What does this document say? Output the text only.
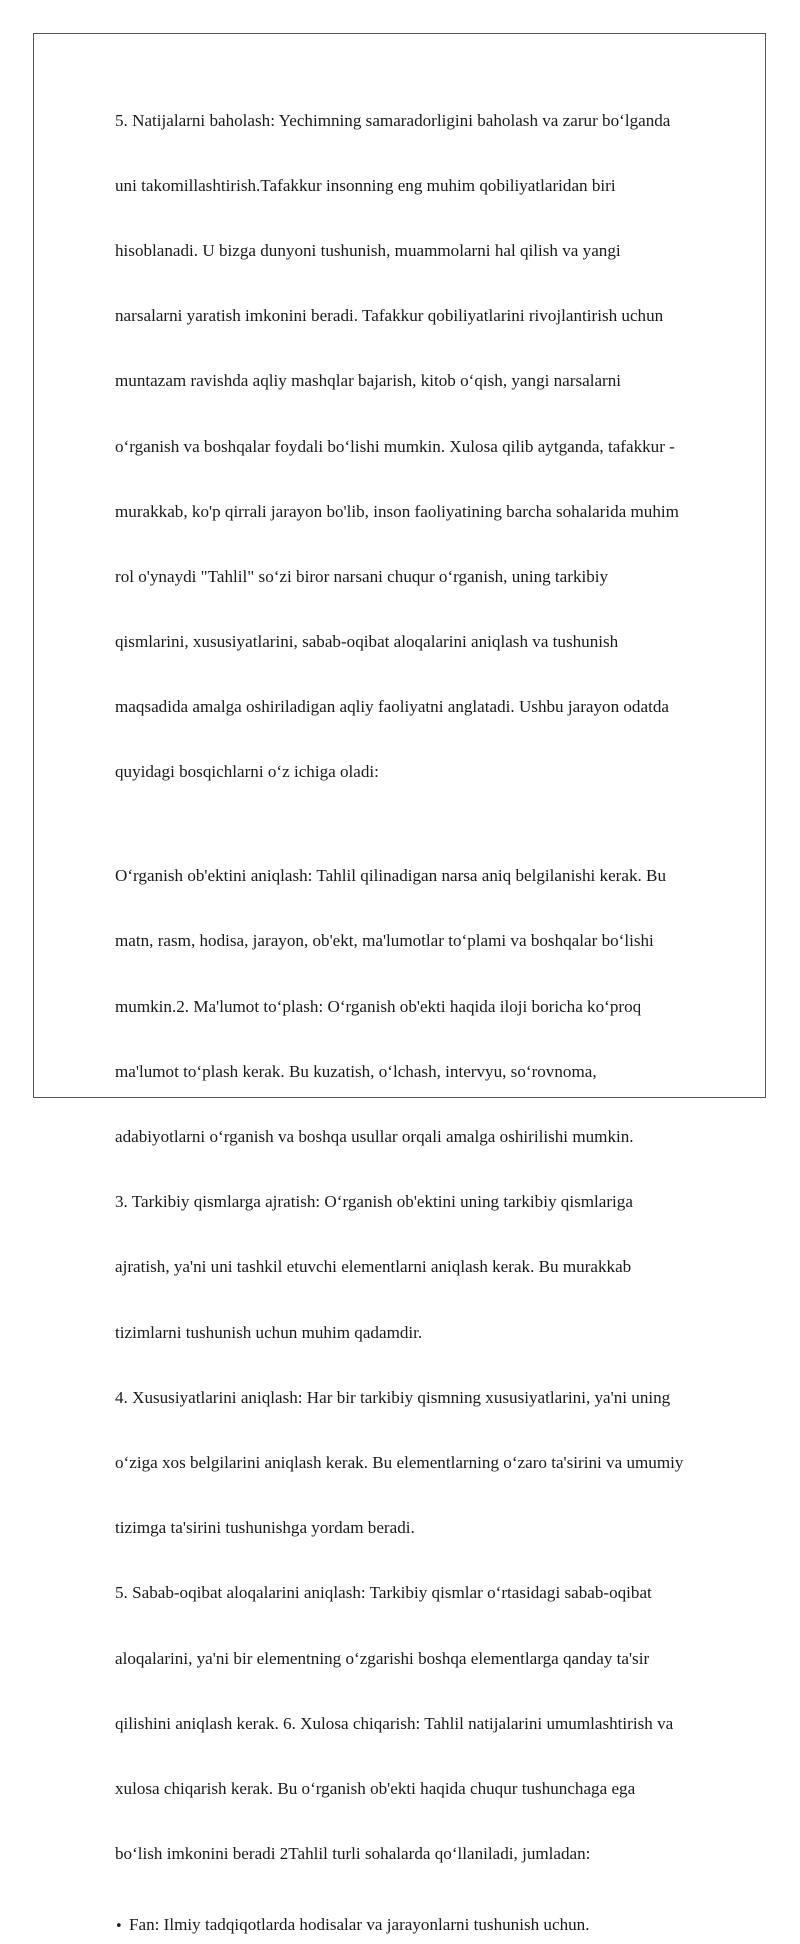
5. Natijalarni baholash: Yechimning samaradorligini baholash va zarur bo‘lganda

uni takomillashtirish.Tafakkur insonning eng muhim qobiliyatlaridan biri

hisoblanadi. U bizga dunyoni tushunish, muammolarni hal qilish va yangi

narsalarni yaratish imkonini beradi. Tafakkur qobiliyatlarini rivojlantirish uchun

muntazam ravishda aqliy mashqlar bajarish, kitob o‘qish, yangi narsalarni

o‘rganish va boshqalar foydali bo‘lishi mumkin. Xulosa qilib aytganda, tafakkur -

murakkab, ko'p qirrali jarayon bo'lib, inson faoliyatining barcha sohalarida muhim

rol o'ynaydi "Tahlil" so‘zi biror narsani chuqur o‘rganish, uning tarkibiy

qismlarini, xususiyatlarini, sabab-oqibat aloqalarini aniqlash va tushunish

maqsadida amalga oshiriladigan aqliy faoliyatni anglatadi. Ushbu jarayon odatda

quyidagi bosqichlarni o‘z ichiga oladi:

O‘rganish ob'ektini aniqlash: Tahlil qilinadigan narsa aniq belgilanishi kerak. Bu

matn, rasm, hodisa, jarayon, ob'ekt, ma'lumotlar to‘plami va boshqalar bo‘lishi

mumkin.2. Ma'lumot to‘plash: O‘rganish ob'ekti haqida iloji boricha ko‘proq

ma'lumot to‘plash kerak. Bu kuzatish, o‘lchash, intervyu, so‘rovnoma,

adabiyotlarni o‘rganish va boshqa usullar orqali amalga oshirilishi mumkin.

3. Tarkibiy qismlarga ajratish: O‘rganish ob'ektini uning tarkibiy qismlariga

ajratish, ya'ni uni tashkil etuvchi elementlarni aniqlash kerak. Bu murakkab

tizimlarni tushunish uchun muhim qadamdir.

4. Xususiyatlarini aniqlash: Har bir tarkibiy qismning xususiyatlarini, ya'ni uning

o‘ziga xos belgilarini aniqlash kerak. Bu elementlarning o‘zaro ta'sirini va umumiy

tizimga ta'sirini tushunishga yordam beradi.

5. Sabab-oqibat aloqalarini aniqlash: Tarkibiy qismlar o‘rtasidagi sabab-oqibat

aloqalarini, ya'ni bir elementning o‘zgarishi boshqa elementlarga qanday ta'sir

qilishini aniqlash kerak. 6. Xulosa chiqarish: Tahlil natijalarini umumlashtirish va

xulosa chiqarish kerak. Bu o‘rganish ob'ekti haqida chuqur tushunchaga ega

bo‘lish imkonini beradi 2Tahlil turli sohalarda qo‘llaniladi, jumladan:

• Fan: Ilmiy tadqiqotlarda hodisalar va jarayonlarni tushunish uchun.
